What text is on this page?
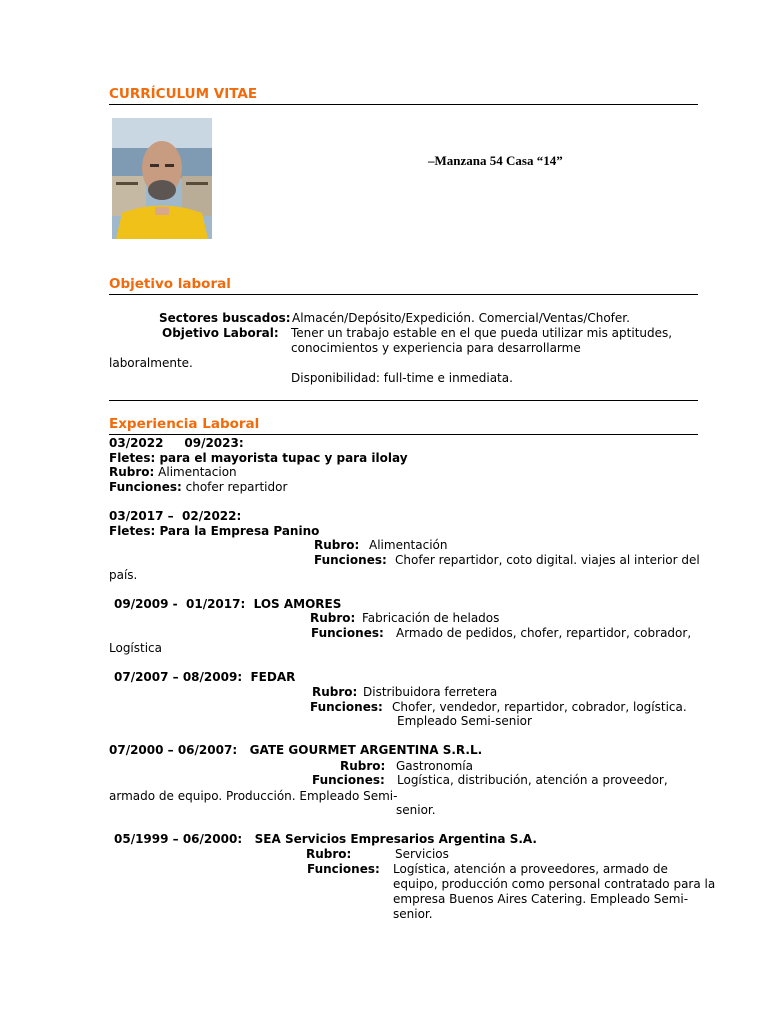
CURRÍCULUM VITAE
–Manzana 54 Casa “14”
Objetivo laboral
Sectores buscados: Almacén/Depósito/Expedición. Comercial/Ventas/Chofer.
Objetivo Laboral: Tener un trabajo estable en el que pueda utilizar mis aptitudes,
conocimientos y experiencia para desarrollarme
laboralmente.
Disponibilidad: full-time e inmediata.
Experiencia Laboral
03/2022     09/2023:
Fletes: para el mayorista tupac y para ilolay
Rubro: Alimentacion
Funciones: chofer repartidor
03/2017 –  02/2022:
Fletes: Para la Empresa Panino
Rubro: Alimentación
Funciones: Chofer repartidor, coto digital. viajes al interior del
país.
09/2009 -  01/2017:  LOS AMORES
Rubro: Fabricación de helados
Funciones: Armado de pedidos, chofer, repartidor, cobrador,
Logística
07/2007 – 08/2009:  FEDAR
Rubro: Distribuidora ferretera
Funciones: Chofer, vendedor, repartidor, cobrador, logística.
Empleado Semi-senior
07/2000 – 06/2007:   GATE GOURMET ARGENTINA S.R.L.
Rubro: Gastronomía
Funciones: Logística, distribución, atención a proveedor,
armado de equipo. Producción. Empleado Semi-
senior.
05/1999 – 06/2000:   SEA Servicios Empresarios Argentina S.A.
Rubro:	Servicios
Funciones: Logística, atención a proveedores, armado de
equipo, producción como personal contratado para la
empresa Buenos Aires Catering. Empleado Semi-
senior.
